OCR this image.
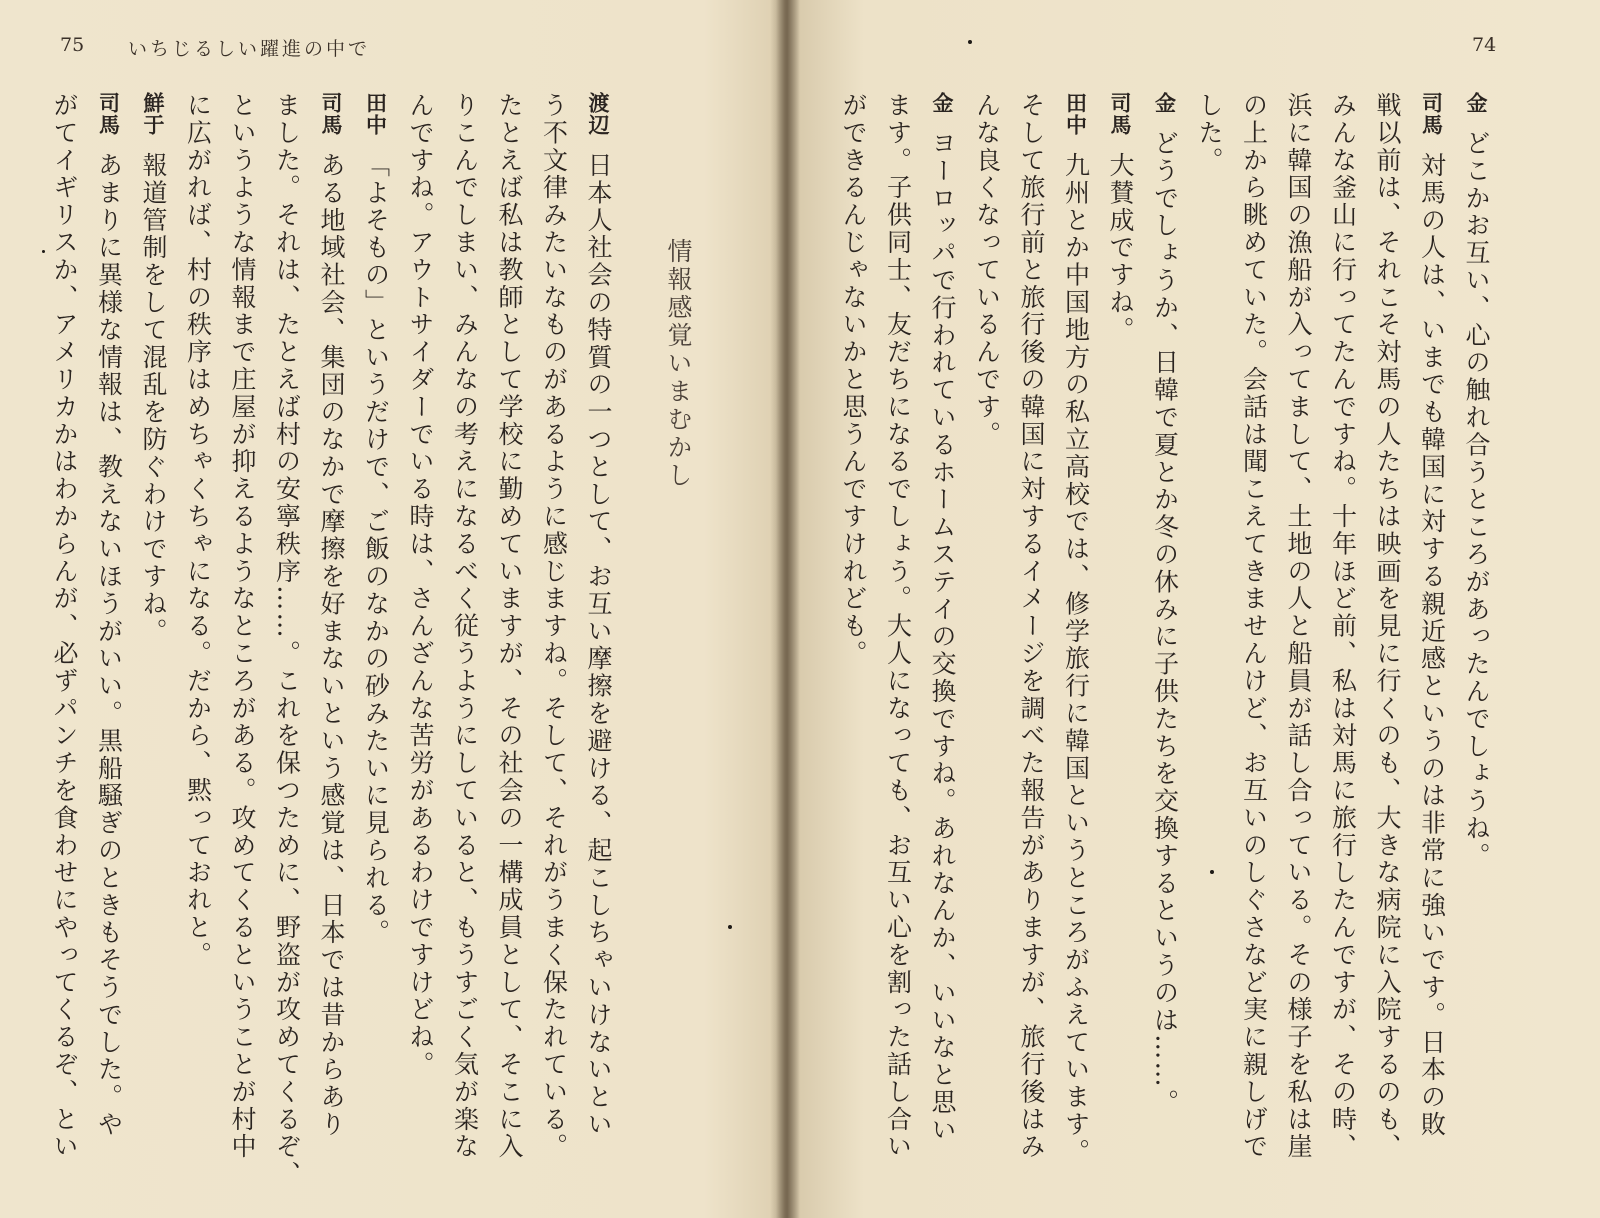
75 いちじるしい躍進の中で
情報感覚いまむかし
渡辺日本人社会の特質の一つとして、お互い摩擦を避ける、起こしちゃいけないとい
う不文律みたいなものがあるように感じますね。そして、それがうまく保たれている。
たとえば私は教師として学校に勤めていますが、その社会の一構成員として、そこに入
りこんでしまい、みんなの考えになるべく従うようにしていると、もうすごく気が楽な
んですね。アウトサイダーでいる時は、さんざんな苦労があるわけですけどね。
田中「よそもの」というだけで、ご飯のなかの砂みたいに見られる。
司馬ある地域社会、集団のなかで摩擦を好まないという感覚は、日本では昔からあり
ました。それは、たとえば村の安寧秩序……。これを保つために、野盗が攻めてくるぞ、
というような情報まで庄屋が抑えるようなところがある。攻めてくるということが村中
に広がれば、村の秩序はめちゃくちゃになる。だから、黙っておれと。
鮮于報道管制をして混乱を防ぐわけですね。
司馬あまりに異様な情報は、教えないほうがいい。黒船騒ぎのときもそうでした。や
がてイギリスか、アメリカかはわからんが、必ずパンチを食わせにやってくるぞ、とい
74
金どこかお互い、心の触れ合うところがあったんでしょうね。
司馬対馬の人は、いまでも韓国に対する親近感というのは非常に強いです。日本の敗
戦以前は、それこそ対馬の人たちは映画を見に行くのも、大きな病院に入院するのも、
みんな釜山に行ってたんですね。十年ほど前、私は対馬に旅行したんですが、その時、
浜に韓国の漁船が入ってまして、土地の人と船員が話し合っている。その様子を私は崖
の上から眺めていた。会話は聞こえてきませんけど、お互いのしぐさなど実に親しげで
した。
金どうでしょうか、日韓で夏とか冬の休みに子供たちを交換するというのは……。
司馬大賛成ですね。
田中九州とか中国地方の私立高校では、修学旅行に韓国というところがふえています。
そして旅行前と旅行後の韓国に対するイメージを調べた報告がありますが、旅行後はみ
んな良くなっているんです。
金ヨーロッパで行われているホームステイの交換ですね。あれなんか、いいなと思い
ます。子供同士、友だちになるでしょう。大人になっても、お互い心を割った話し合い
ができるんじゃないかと思うんですけれども。
